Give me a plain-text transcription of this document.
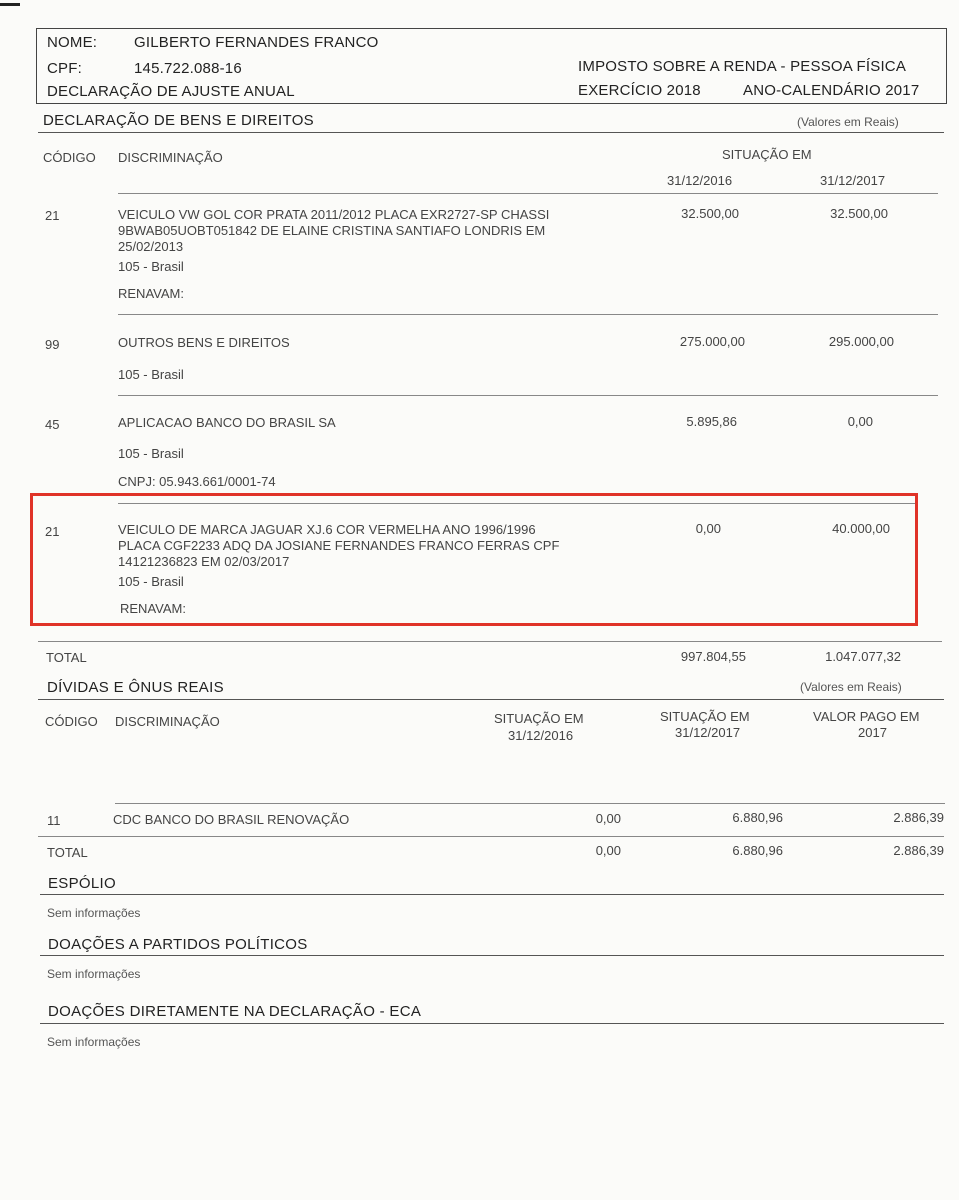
NOME: GILBERTO FERNANDES FRANCO
CPF:	145.722.088-16
DECLARAÇÃO DE AJUSTE ANUAL
IMPOSTO SOBRE A RENDA - PESSOA FÍSICA
EXERCÍCIO 2018	ANO-CALENDÁRIO 2017
DECLARAÇÃO DE BENS E DIREITOS	(Valores em Reais)
CÓDIGO DISCRIMINAÇÃO	SITUAÇÃO EM
31/12/2016	31/12/2017
21	VEICULO VW GOL COR PRATA 2011/2012 PLACA EXR2727-SP CHASSI
9BWAB05UOBT051842 DE ELAINE CRISTINA SANTIAFO LONDRIS EM
25/02/2013
105 - Brasil
RENAVAM:
32.500,00	32.500,00
99	OUTROS BENS E DIREITOS
105 - Brasil
275.000,00	295.000,00
45	APLICACAO BANCO DO BRASIL SA
105 - Brasil
CNPJ: 05.943.661/0001-74
5.895,86	0,00
21	VEICULO DE MARCA JAGUAR XJ.6 COR VERMELHA ANO 1996/1996
PLACA CGF2233 ADQ DA JOSIANE FERNANDES FRANCO FERRAS CPF
14121236823 EM 02/03/2017
105 - Brasil
RENAVAM:
0,00	40.000,00
TOTAL	997.804,55	1.047.077,32
DÍVIDAS E ÔNUS REAIS	(Valores em Reais)
CÓDIGO DISCRIMINAÇÃO	SITUAÇÃO EM
31/12/2016
SITUAÇÃO EM
31/12/2017
VALOR PAGO EM
2017
11	CDC BANCO DO BRASIL RENOVAÇÃO	0,00	6.880,96	2.886,39
TOTAL	0,00	6.880,96	2.886,39
ESPÓLIO
Sem informações
DOAÇÕES A PARTIDOS POLÍTICOS
Sem informações
DOAÇÕES DIRETAMENTE NA DECLARAÇÃO - ECA
Sem informações
